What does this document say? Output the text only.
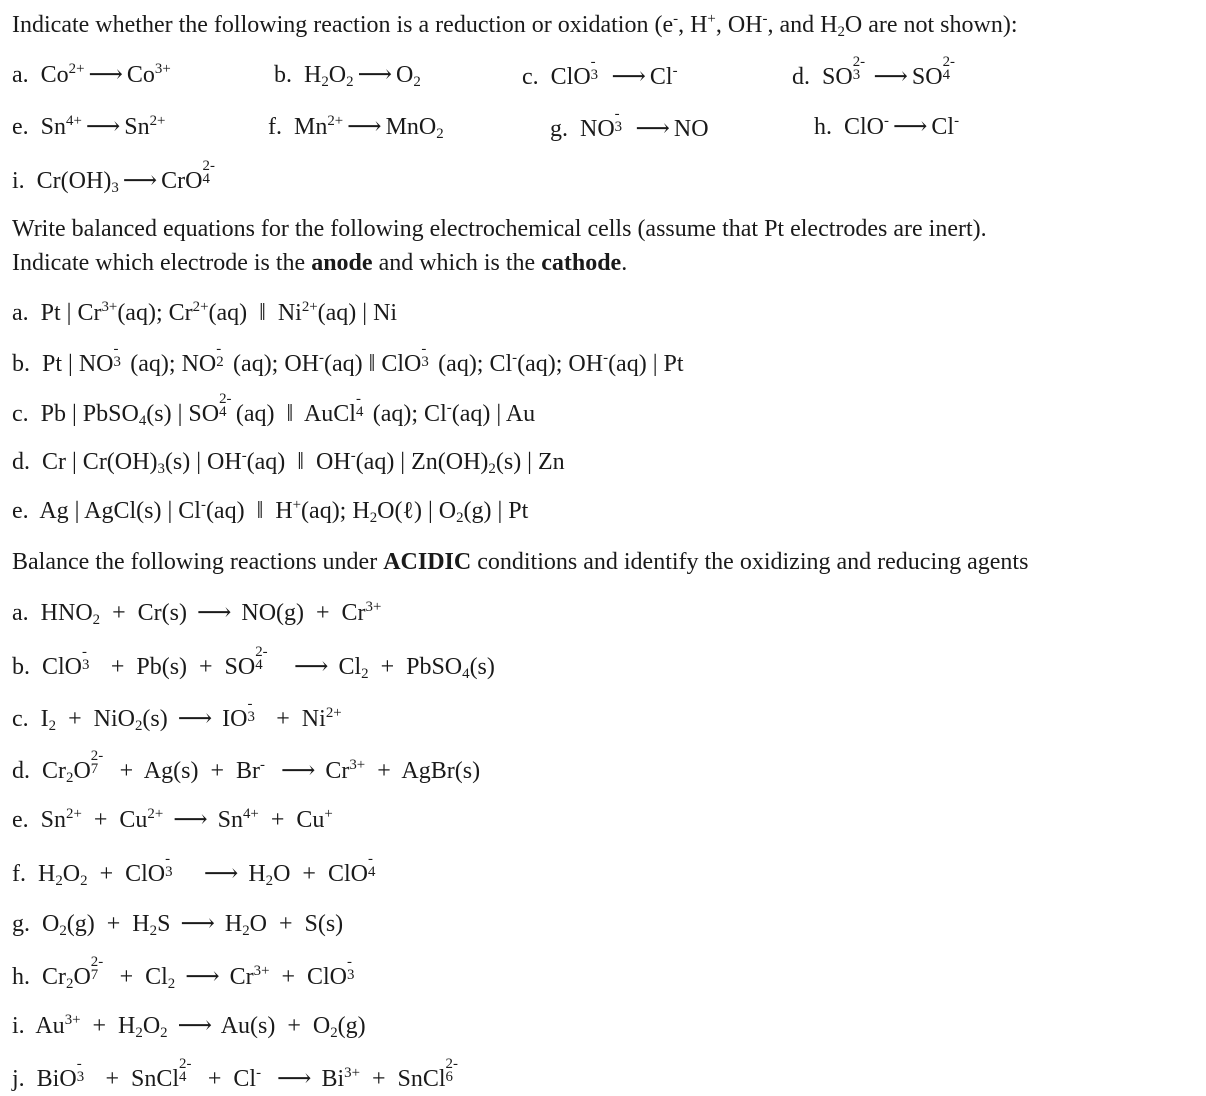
Indicate whether the following reaction is a reduction or oxidation (e-, H+, OH-, and $H_2O$ are not shown):
a.  $Co^{2+}$ ⟶ $Co^{3+}$	b.  $H_2O_2$ ⟶ $O_2$	c.  ClO
-
3 ⟶ Cl-	d.  SO
2-
3 ⟶ SO
2-
4
e.  $Sn^{4+}$ ⟶ $Sn^{2+}$	f.  $Mn^{2+}$ ⟶ MnO$_2$	g.  NO
-
3 ⟶ NO	h.  ClO- ⟶ Cl-
i.  $Cr(OH)_3$ ⟶ CrO
2-
4
Write balanced equations for the following electrochemical cells (assume that Pt electrodes are inert).
Indicate which electrode is the anode and which is the cathode.
a.  Pt | $Cr^{3+}(aq)$; $Cr^{2+}(aq)$  ‖  $Ni^{2+}(aq)$ | Ni
b.  Pt | NO
-
3 (aq); NO
-
2 (aq); OH-(aq) ‖ ClO
-
3 (aq); Cl-(aq); OH-(aq) | Pt
c.  Pb | PbSO$_4$(s) | SO
2-
4 (aq)  ‖  AuCl
-
4 (aq); Cl-(aq) | Au
d.  Cr | $Cr(OH)_3(s)$ | OH-(aq)  ‖  OH-(aq) | $Zn(OH)_2(s)$ | Zn
e.  Ag | AgCl(s) | Cl-(aq)  ‖  H+(aq); $H_2O(\ell)$ | $O_2(g)$ | Pt
Balance the following reactions under ACIDIC conditions and identify the oxidizing and reducing agents
a.  $HNO_2 + Cr(s)$ ⟶ $NO(g) + Cr^{3+}$
b.  ClO
-
3 +  Pb(s)  +  SO
2-
4 ⟶ $Cl_2$  +  PbSO$_4$(s)
c.  $I_2 + NiO_2(s)$ ⟶ IO
-
$3 + Ni^{2+}$
d.  $Cr_2O$
2-
7 +  Ag(s)  +  Br- ⟶ $Cr^{3+}$  +  AgBr(s)
e.  $Sn^{2+} + Cu^{2+}$ ⟶ $Sn^{4+} + Cu^+$
f.  $H_2O_2$  +  ClO
-
3 ⟶ $H_2O$  +  ClO
-
4
g.  $O_2(g) + H_2S$ ⟶ $H_2O + S(s)$
h.  $Cr_2O$
2-
$7 + Cl_2$ ⟶ $Cr^{3+}$  +  ClO
-
3
i.  $Au^{3+} + H_2O_2$ ⟶ $Au(s) + O_2(g)$
j.  BiO
-
3 +  SnCl
2-
4 +  Cl- ⟶ $Bi^{3+}$  +  SnCl
2-
6
